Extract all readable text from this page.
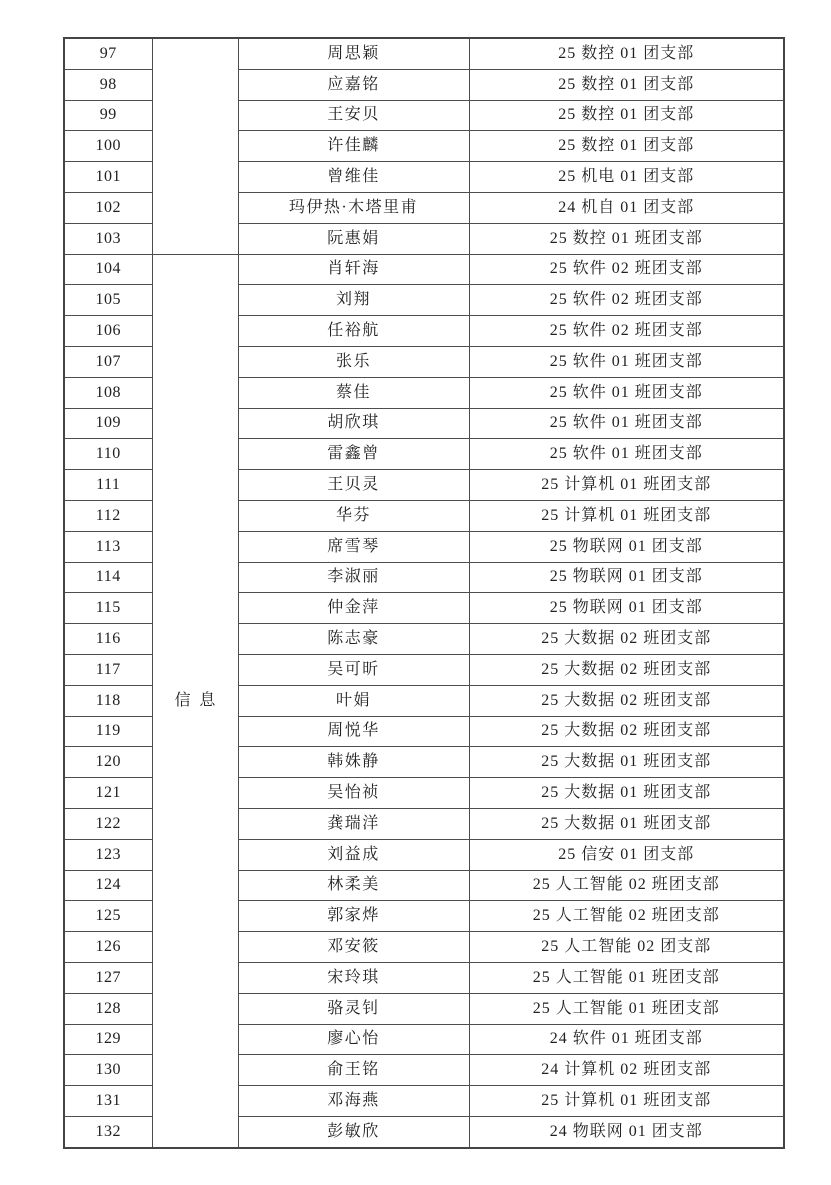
97		周思颖	25 数控 01 团支部
98		应嘉铭	25 数控 01 团支部
99		王安贝	25 数控 01 团支部
100		许佳麟	25 数控 01 团支部
101		曾维佳	25 机电 01 团支部
102		玛伊热·木塔里甫	24 机自 01 团支部
103		阮惠娟	25 数控 01 班团支部
104	信息	肖轩海	25 软件 02 班团支部
105		刘翔	25 软件 02 班团支部
106		任裕航	25 软件 02 班团支部
107		张乐	25 软件 01 班团支部
108		蔡佳	25 软件 01 班团支部
109		胡欣琪	25 软件 01 班团支部
110		雷鑫曾	25 软件 01 班团支部
111		王贝灵	25 计算机 01 班团支部
112		华芬	25 计算机 01 班团支部
113		席雪琴	25 物联网 01 团支部
114		李淑丽	25 物联网 01 团支部
115		仲金萍	25 物联网 01 团支部
116		陈志豪	25 大数据 02 班团支部
117		吴可昕	25 大数据 02 班团支部
118		叶娟	25 大数据 02 班团支部
119		周悦华	25 大数据 02 班团支部
120		韩姝静	25 大数据 01 班团支部
121		吴怡祯	25 大数据 01 班团支部
122		龚瑞洋	25 大数据 01 班团支部
123		刘益成	25 信安 01 团支部
124		林柔美	25 人工智能 02 班团支部
125		郭家烨	25 人工智能 02 班团支部
126		邓安筱	25 人工智能 02 团支部
127		宋玲琪	25 人工智能 01 班团支部
128		骆灵钊	25 人工智能 01 班团支部
129		廖心怡	24 软件 01 班团支部
130		俞王铭	24 计算机 02 班团支部
131		邓海燕	25 计算机 01 班团支部
132		彭敏欣	24 物联网 01 团支部
